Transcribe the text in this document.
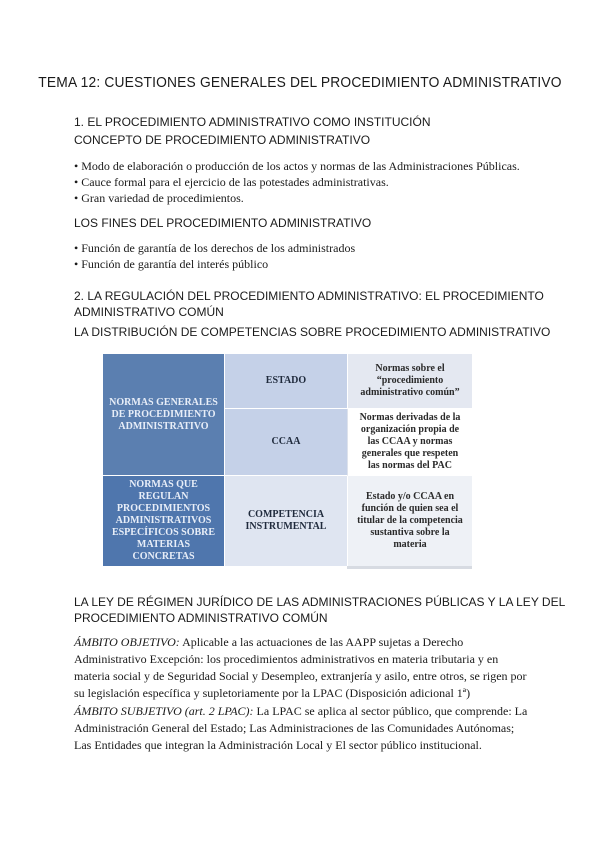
TEMA 12: CUESTIONES GENERALES DEL PROCEDIMIENTO ADMINISTRATIVO
1. EL PROCEDIMIENTO ADMINISTRATIVO COMO INSTITUCIÓN
CONCEPTO DE PROCEDIMIENTO ADMINISTRATIVO
• Modo de elaboración o producción de los actos y normas de las Administraciones Públicas.
• Cauce formal para el ejercicio de las potestades administrativas.
• Gran variedad de procedimientos.
LOS FINES DEL PROCEDIMIENTO ADMINISTRATIVO
• Función de garantía de los derechos de los administrados
• Función de garantía del interés público
2. LA REGULACIÓN DEL PROCEDIMIENTO ADMINISTRATIVO: EL PROCEDIMIENTO
ADMINISTRATIVO COMÚN
LA DISTRIBUCIÓN DE COMPETENCIAS SOBRE PROCEDIMIENTO ADMINISTRATIVO
NORMAS GENERALES DE PROCEDIMIENTO ADMINISTRATIVO
NORMAS QUE REGULAN PROCEDIMIENTOS ADMINISTRATIVOS ESPECÍFICOS SOBRE MATERIAS CONCRETAS
ESTADO
CCAA
COMPETENCIA INSTRUMENTAL
Normas sobre el “procedimiento administrativo común”
Normas derivadas de la organización propia de las CCAA y normas generales que respeten las normas del PAC
Estado y/o CCAA en función de quien sea el titular de la competencia sustantiva sobre la materia
LA LEY DE RÉGIMEN JURÍDICO DE LAS ADMINISTRACIONES PÚBLICAS Y LA LEY DEL
PROCEDIMIENTO ADMINISTRATIVO COMÚN
ÁMBITO OBJETIVO: Aplicable a las actuaciones de las AAPP sujetas a Derecho Administrativo Excepción: los procedimientos administrativos en materia tributaria y en materia social y de Seguridad Social y Desempleo, extranjería y asilo, entre otros, se rigen por su legislación específica y supletoriamente por la LPAC (Disposición adicional 1ª)
ÁMBITO SUBJETIVO (art. 2 LPAC): La LPAC se aplica al sector público, que comprende: La Administración General del Estado; Las Administraciones de las Comunidades Autónomas; Las Entidades que integran la Administración Local y El sector público institucional.
